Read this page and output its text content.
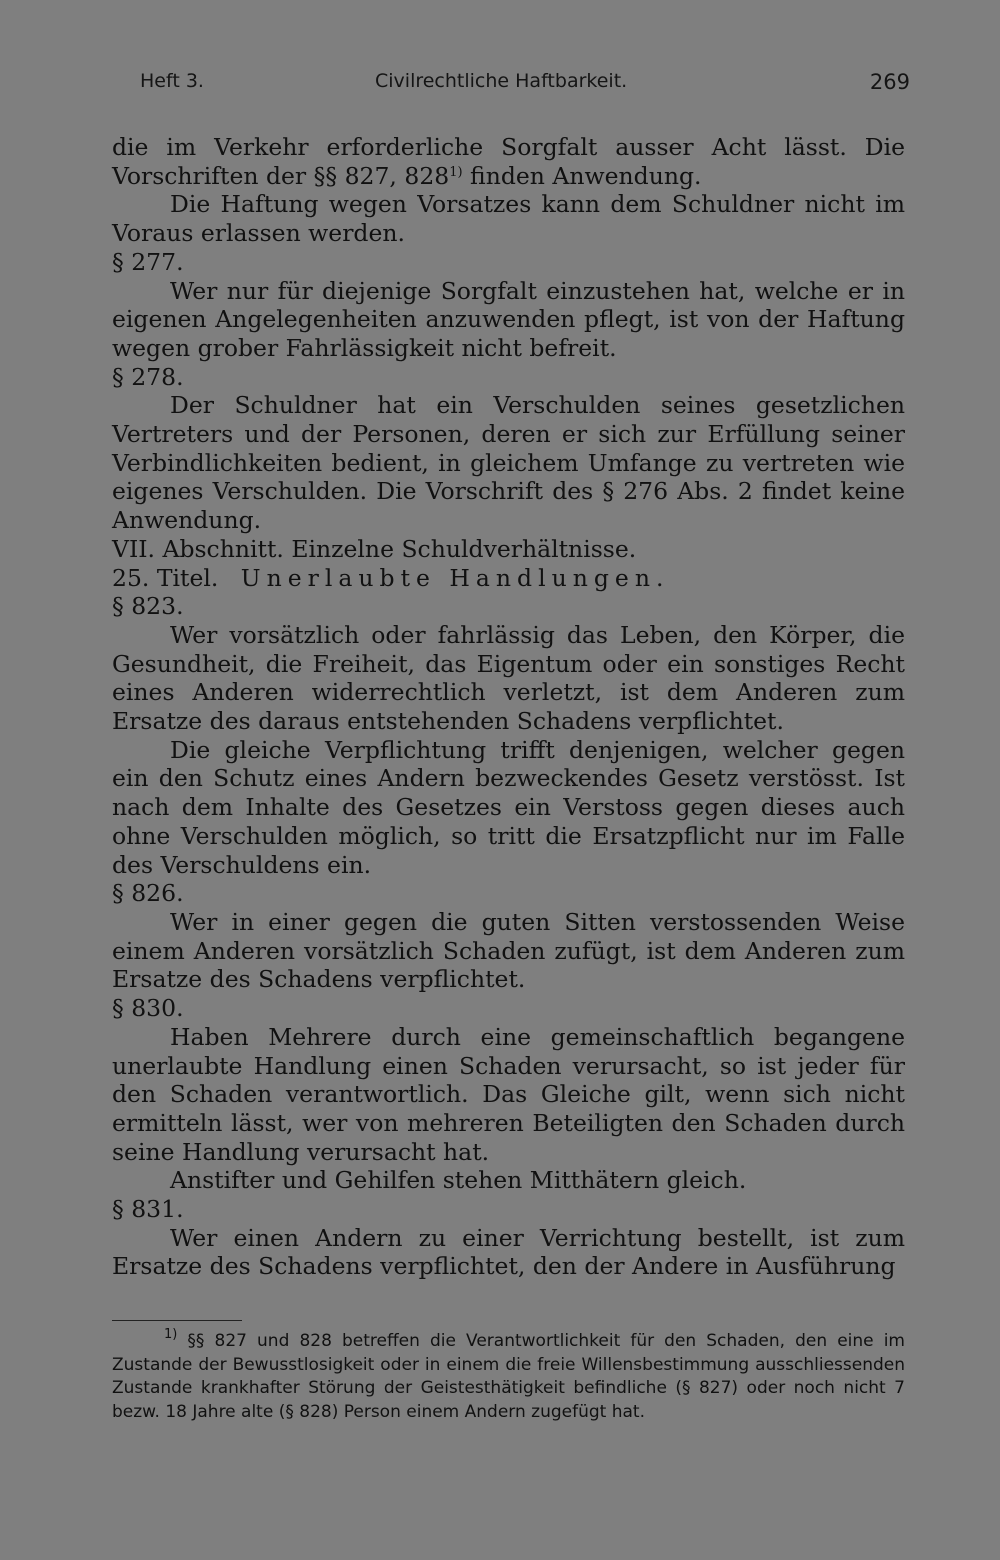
Heft 3.	Civilrechtliche Haftbarkeit.	269

die im Verkehr erforderliche Sorgfalt ausser Acht lässt. Die Vorschriften der §§ 827, 828$^{1)}$ finden Anwendung.

Die Haftung wegen Vorsatzes kann dem Schuldner nicht im Voraus erlassen werden.

§ 277.

Wer nur für diejenige Sorgfalt einzustehen hat, welche er in eigenen Angelegenheiten anzuwenden pflegt, ist von der Haftung wegen grober Fahrlässigkeit nicht befreit.

§ 278.

Der Schuldner hat ein Verschulden seines gesetzlichen Vertreters und der Personen, deren er sich zur Erfüllung seiner Verbindlichkeiten bedient, in gleichem Umfange zu vertreten wie eigenes Verschulden. Die Vorschrift des § 276 Abs. 2 findet keine Anwendung.

VII. Abschnitt. Einzelne Schuldverhältnisse.

25. Titel. Unerlaubte Handlungen.

§ 823.

Wer vorsätzlich oder fahrlässig das Leben, den Körper, die Gesundheit, die Freiheit, das Eigentum oder ein sonstiges Recht eines Anderen widerrechtlich verletzt, ist dem Anderen zum Ersatze des daraus entstehenden Schadens verpflichtet.

Die gleiche Verpflichtung trifft denjenigen, welcher gegen ein den Schutz eines Andern bezweckendes Gesetz verstösst. Ist nach dem Inhalte des Gesetzes ein Verstoss gegen dieses auch ohne Verschulden möglich, so tritt die Ersatzpflicht nur im Falle des Verschuldens ein.

§ 826.

Wer in einer gegen die guten Sitten verstossenden Weise einem Anderen vorsätzlich Schaden zufügt, ist dem Anderen zum Ersatze des Schadens verpflichtet.

§ 830.

Haben Mehrere durch eine gemeinschaftlich begangene unerlaubte Handlung einen Schaden verursacht, so ist jeder für den Schaden verantwortlich. Das Gleiche gilt, wenn sich nicht ermitteln lässt, wer von mehreren Beteiligten den Schaden durch seine Handlung verursacht hat.

Anstifter und Gehilfen stehen Mitthätern gleich.

§ 831.

Wer einen Andern zu einer Verrichtung bestellt, ist zum Ersatze des Schadens verpflichtet, den der Andere in Ausführung

$^{1)}$ §§ 827 und 828 betreffen die Verantwortlichkeit für den Schaden, den eine im Zustande der Bewusstlosigkeit oder in einem die freie Willensbestimmung ausschliessenden Zustande krankhafter Störung der Geistesthätigkeit befindliche (§ 827) oder noch nicht 7 bezw. 18 Jahre alte (§ 828) Person einem Andern zugefügt hat.
